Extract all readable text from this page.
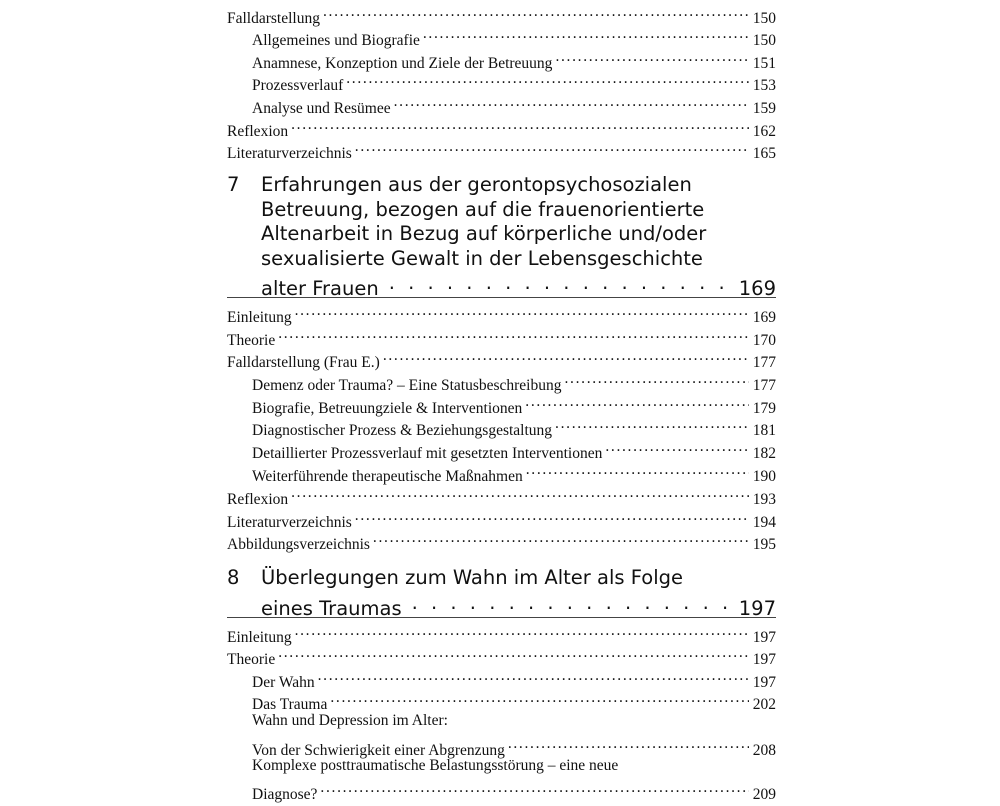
Falldarstellung . . .	150
Allgemeines und Biografie . . .	150
Anamnese, Konzeption und Ziele der Betreuung . . .	151
Prozessverlauf . . .	153
Analyse und Resümee . . .	159
Reflexion . . .	162
Literaturverzeichnis . . .	165
7 Erfahrungen aus der gerontopsychosozialen
Betreuung, bezogen auf die frauenorientierte
Altenarbeit in Bezug auf körperliche und/oder
sexualisierte Gewalt in der Lebensgeschichte
alter Frauen . . .	169
Einleitung . . .	169
Theorie . . .	170
Falldarstellung (Frau E.) . . .	177
Demenz oder Trauma? – Eine Statusbeschreibung . . .	177
Biografie, Betreuungziele & Interventionen . . .	179
Diagnostischer Prozess & Beziehungsgestaltung . . .	181
Detaillierter Prozessverlauf mit gesetzten Interventionen . . .	182
Weiterführende therapeutische Maßnahmen . . .	190
Reflexion . . .	193
Literaturverzeichnis . . .	194
Abbildungsverzeichnis . . .	195
8 Überlegungen zum Wahn im Alter als Folge
eines Traumas . . .	197
Einleitung . . .	197
Theorie . . .	197
Der Wahn . . .	197
Das Trauma . . .	202
Wahn und Depression im Alter:
Von der Schwierigkeit einer Abgrenzung . . .	208
Komplexe posttraumatische Belastungsstörung – eine neue
Diagnose? . . .	209
